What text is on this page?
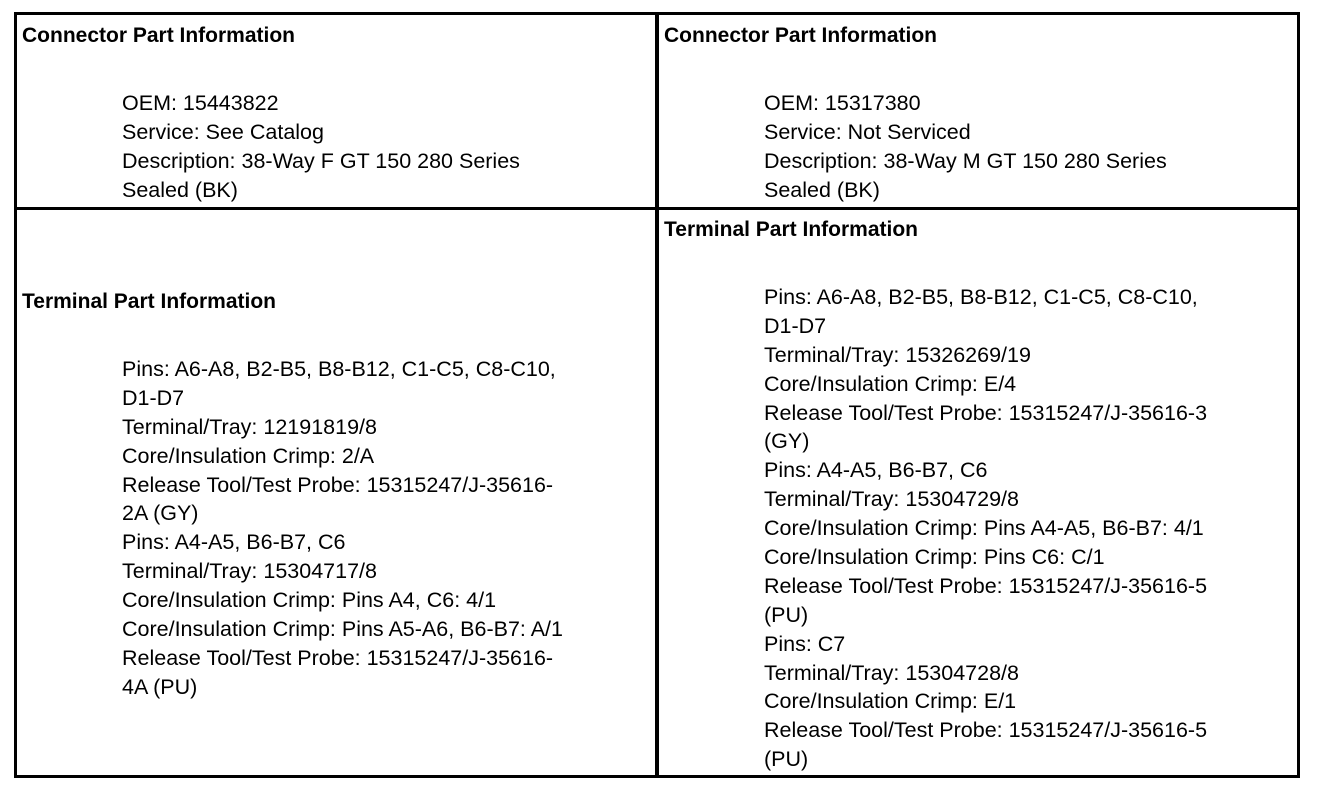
Connector Part Information
OEM: 15443822
Service: See Catalog
Description: 38-Way F GT 150 280 Series
Sealed (BK)
Connector Part Information
OEM: 15317380
Service: Not Serviced
Description: 38-Way M GT 150 280 Series
Sealed (BK)
Terminal Part Information
Pins: A6-A8, B2-B5, B8-B12, C1-C5, C8-C10,
D1-D7
Terminal/Tray: 12191819/8
Core/Insulation Crimp: 2/A
Release Tool/Test Probe: 15315247/J-35616-
2A (GY)
Pins: A4-A5, B6-B7, C6
Terminal/Tray: 15304717/8
Core/Insulation Crimp: Pins A4, C6: 4/1
Core/Insulation Crimp: Pins A5-A6, B6-B7: A/1
Release Tool/Test Probe: 15315247/J-35616-
4A (PU)
Terminal Part Information
Pins: A6-A8, B2-B5, B8-B12, C1-C5, C8-C10,
D1-D7
Terminal/Tray: 15326269/19
Core/Insulation Crimp: E/4
Release Tool/Test Probe: 15315247/J-35616-3
(GY)
Pins: A4-A5, B6-B7, C6
Terminal/Tray: 15304729/8
Core/Insulation Crimp: Pins A4-A5, B6-B7: 4/1
Core/Insulation Crimp: Pins C6: C/1
Release Tool/Test Probe: 15315247/J-35616-5
(PU)
Pins: C7
Terminal/Tray: 15304728/8
Core/Insulation Crimp: E/1
Release Tool/Test Probe: 15315247/J-35616-5
(PU)
